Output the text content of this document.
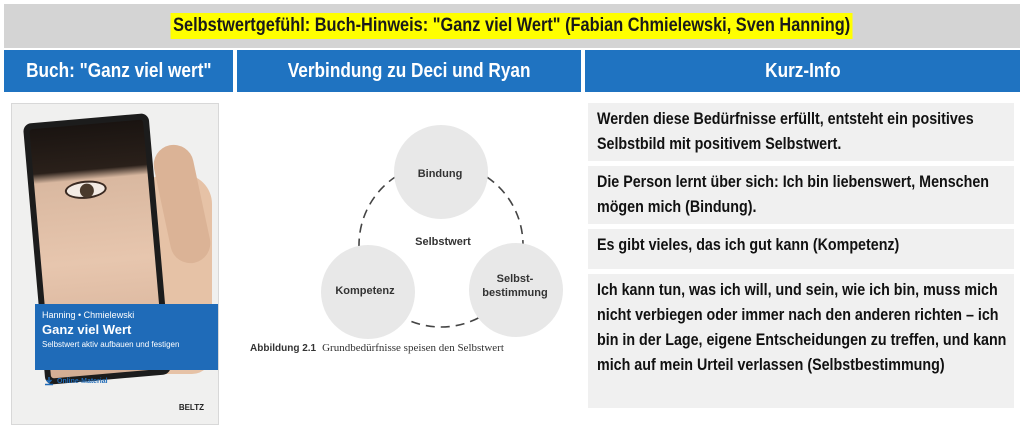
Selbstwertgefühl: Buch-Hinweis: "Ganz viel Wert" (Fabian Chmielewski, Sven Hanning)
Buch: "Ganz viel wert"	Verbindung zu Deci und Ryan	Kurz-Info
Hanning • Chmielewski
Ganz viel Wert
Selbstwert aktiv aufbauen und festigen
Online-Material
BELTZ
Bindung
Selbstwert
Kompetenz
Selbst-
bestimmung
Abbildung 2.1 Grundbedürfnisse speisen den Selbstwert
Werden diese Bedürfnisse erfüllt, entsteht ein positives Selbstbild mit positivem Selbstwert.
Die Person lernt über sich: Ich bin liebenswert, Menschen mögen mich (Bindung).
Es gibt vieles, das ich gut kann (Kompetenz)
Ich kann tun, was ich will, und sein, wie ich bin, muss mich nicht verbiegen oder immer nach den anderen richten – ich bin in der Lage, eigene Entscheidungen zu treffen, und kann mich auf mein Urteil verlassen (Selbstbestimmung)
